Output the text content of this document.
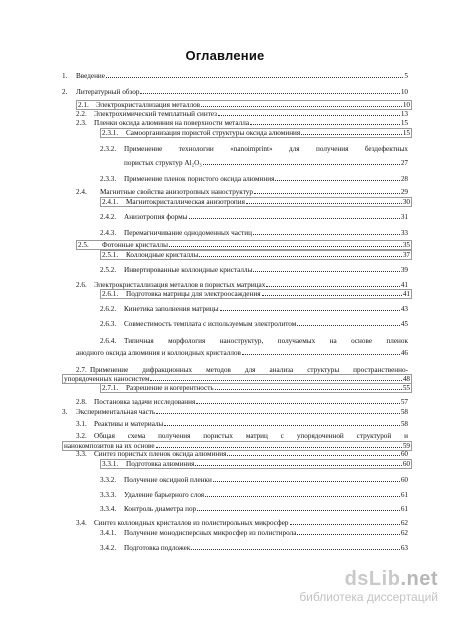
Оглавление
1.	Введение	5
2.	Литературный обзор	10
2.1.	Электрокристаллизация металлов	10
2.2.	Электрохимический темплатный синтез	13
2.3.	Пленки оксида алюминия на поверхности металла	15
2.3.1.	Самоорганизация пористой структуры оксида алюминия	15
2.3.2.	Применение технологии «nanoimprint» для получения бездефектных
пористых структур Al₂O₃	27
2.3.3.	Применение пленок пористого оксида алюминия	28
2.4.	Магнитные свойства анизотропных наноструктур	29
2.4.1.	Магнитокристаллическая анизотропия	30
2.4.2.	Анизотропия формы	31
2.4.3.	Перемагничивание однодоменных частиц	33
2.5.	Фотонные кристаллы	35
2.5.1.	Коллоидные кристаллы	37
2.5.2.	Инвертированные коллоидные кристаллы	39
2.6.	Электрокристаллизация металлов в пористых матрицах	41
2.6.1.	Подготовка матрицы для электроосаждения	41
2.6.2.	Кинетика заполнения матрицы	43
2.6.3.	Совместимость темплата с используемым электролитом	45
2.6.4.	Типичная морфология наноструктур, получаемых на основе пленок
анодного оксида алюминия и коллоидных кристаллов	46
2.7. Применение дифракционных методов для анализа структуры пространственно-
упорядоченных наносистем	48
2.7.1.	Разрешение и когерентность	55
2.8.	Постановка задачи исследования	57
3.	Экспериментальная часть	58
3.1.	Реактивы и материалы	58
3.2.	Общая схема получения пористых матриц с упорядоченной структурой и
нанокомпозитов на их основе	59
3.3.	Синтез пористых пленок оксида алюминия	60
3.3.1.	Подготовка алюминия	60
3.3.2.	Получение оксидной пленки	60
3.3.3.	Удаление барьерного слоя	61
3.3.4.	Контроль диаметра пор	61
3.4.	Синтез коллоидных кристаллов из полистирольных микросфер	62
3.4.1.	Получение монодисперсных микросфер из полистирола	62
3.4.2.	Подготовка подложек	63
dsLib.net
библиотека диссертаций
